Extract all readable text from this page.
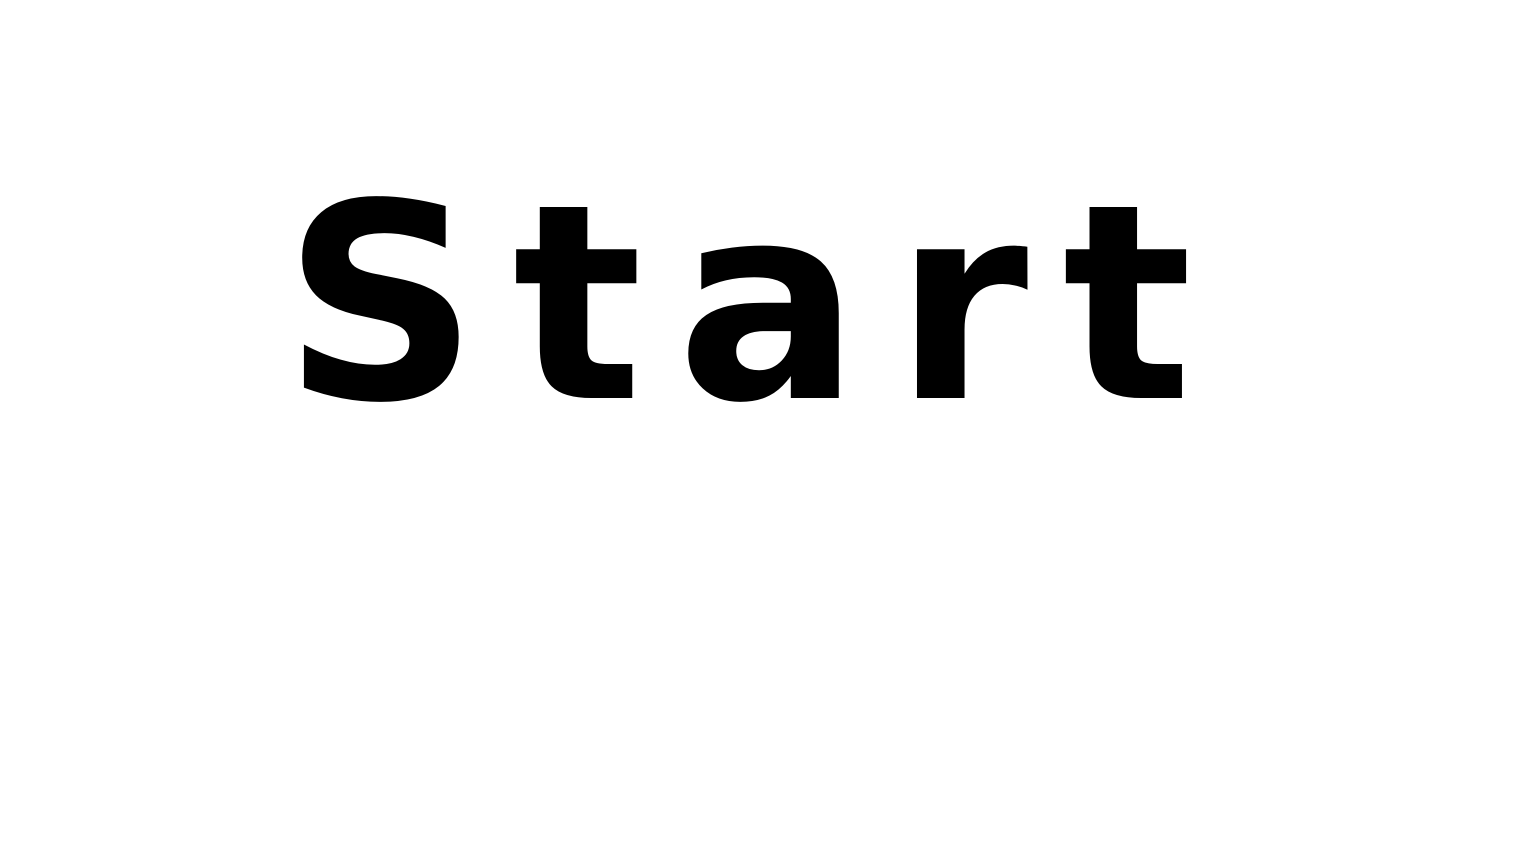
Start
